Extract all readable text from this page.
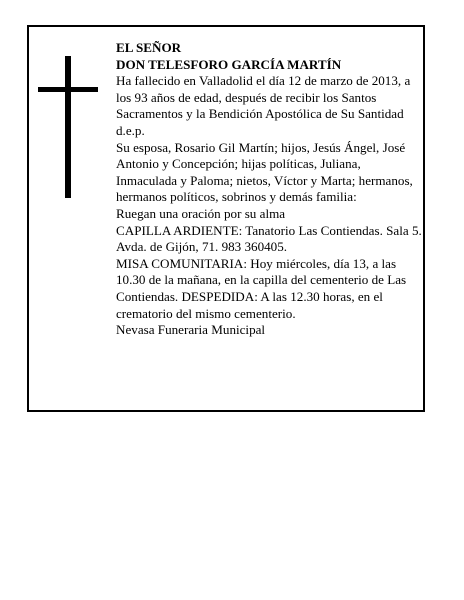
EL SEÑOR

DON TELESFORO GARCÍA MARTÍN

Ha fallecido en Valladolid el día 12 de marzo de 2013, a los 93 años de edad, después de recibir los Santos Sacramentos y la Bendición Apostólica de Su Santidad

d.e.p.

Su esposa, Rosario Gil Martín; hijos, Jesús Ángel, José Antonio y Concepción; hijas políticas, Juliana, Inmaculada y Paloma; nietos, Víctor y Marta; hermanos, hermanos políticos, sobrinos y demás familia:

Ruegan una oración por su alma

CAPILLA ARDIENTE: Tanatorio Las Contiendas. Sala 5. Avda. de Gijón, 71. 983 360405.

MISA COMUNITARIA: Hoy miércoles, día 13, a las 10.30 de la mañana, en la capilla del cementerio de Las Contiendas. DESPEDIDA: A las 12.30 horas, en el crematorio del mismo cementerio.

Nevasa Funeraria Municipal
